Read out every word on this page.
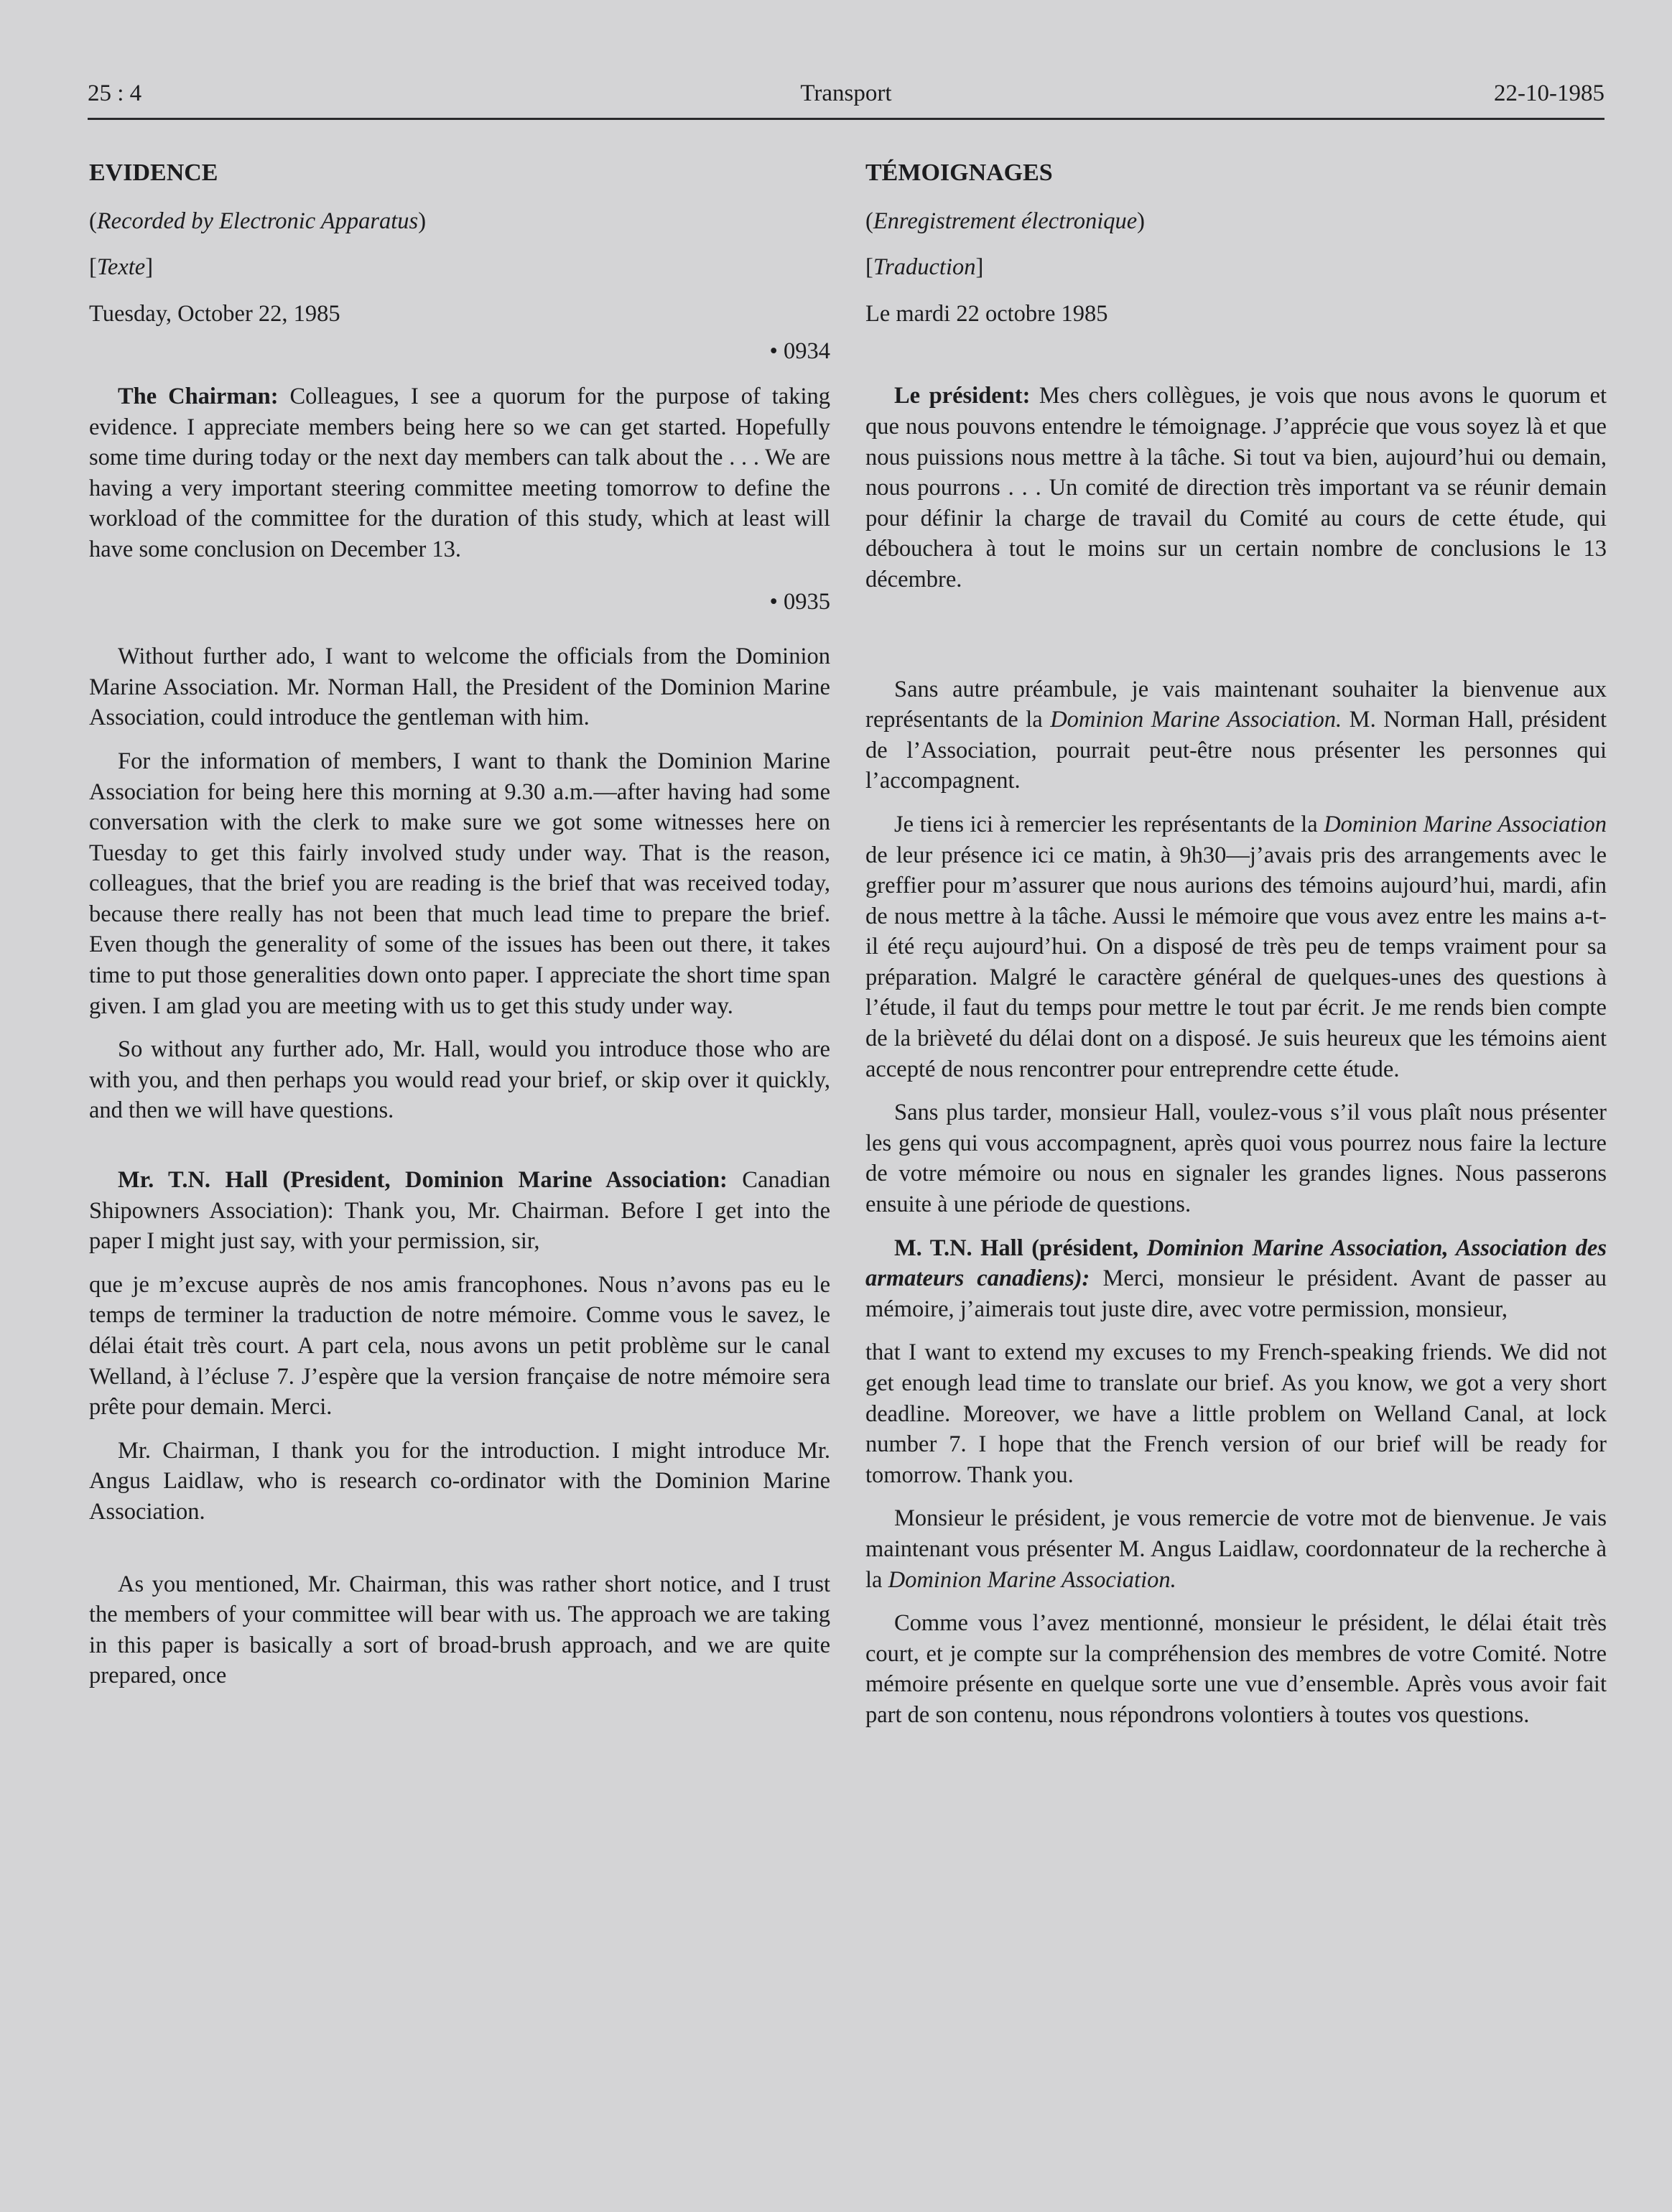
25 : 4	Transport	22-10-1985
EVIDENCE
(Recorded by Electronic Apparatus)
[Texte]
Tuesday, October 22, 1985
• 0934

The Chairman: Colleagues, I see a quorum for the purpose of taking evidence. I appreciate members being here so we can get started. Hopefully some time during today or the next day members can talk about the . . . We are having a very important steering committee meeting tomorrow to define the workload of the committee for the duration of this study, which at least will have some conclusion on December 13.

• 0935

Without further ado, I want to welcome the officials from the Dominion Marine Association. Mr. Norman Hall, the President of the Dominion Marine Association, could introduce the gentleman with him.

For the information of members, I want to thank the Dominion Marine Association for being here this morning at 9.30 a.m.—after having had some conversation with the clerk to make sure we got some witnesses here on Tuesday to get this fairly involved study under way. That is the reason, colleagues, that the brief you are reading is the brief that was received today, because there really has not been that much lead time to prepare the brief. Even though the generality of some of the issues has been out there, it takes time to put those generalities down onto paper. I appreciate the short time span given. I am glad you are meeting with us to get this study under way.

So without any further ado, Mr. Hall, would you introduce those who are with you, and then perhaps you would read your brief, or skip over it quickly, and then we will have questions.

Mr. T.N. Hall (President, Dominion Marine Association: Canadian Shipowners Association): Thank you, Mr. Chairman. Before I get into the paper I might just say, with your permission, sir,

que je m’excuse auprès de nos amis francophones. Nous n’avons pas eu le temps de terminer la traduction de notre mémoire. Comme vous le savez, le délai était très court. A part cela, nous avons un petit problème sur le canal Welland, à l’écluse 7. J’espère que la version française de notre mémoire sera prête pour demain. Merci.

Mr. Chairman, I thank you for the introduction. I might introduce Mr. Angus Laidlaw, who is research co-ordinator with the Dominion Marine Association.

As you mentioned, Mr. Chairman, this was rather short notice, and I trust the members of your committee will bear with us. The approach we are taking in this paper is basically a sort of broad-brush approach, and we are quite prepared, once

TÉMOIGNAGES
(Enregistrement électronique)
[Traduction]
Le mardi 22 octobre 1985

Le président: Mes chers collègues, je vois que nous avons le quorum et que nous pouvons entendre le témoignage. J’apprécie que vous soyez là et que nous puissions nous mettre à la tâche. Si tout va bien, aujourd’hui ou demain, nous pourrons . . . Un comité de direction très important va se réunir demain pour définir la charge de travail du Comité au cours de cette étude, qui débouchera à tout le moins sur un certain nombre de conclusions le 13 décembre.

Sans autre préambule, je vais maintenant souhaiter la bienvenue aux représentants de la Dominion Marine Association. M. Norman Hall, président de l’Association, pourrait peut-être nous présenter les personnes qui l’accompagnent.

Je tiens ici à remercier les représentants de la Dominion Marine Association de leur présence ici ce matin, à 9h30—j’avais pris des arrangements avec le greffier pour m’assurer que nous aurions des témoins aujourd’hui, mardi, afin de nous mettre à la tâche. Aussi le mémoire que vous avez entre les mains a-t-il été reçu aujourd’hui. On a disposé de très peu de temps vraiment pour sa préparation. Malgré le caractère général de quelques-unes des questions à l’étude, il faut du temps pour mettre le tout par écrit. Je me rends bien compte de la brièveté du délai dont on a disposé. Je suis heureux que les témoins aient accepté de nous rencontrer pour entreprendre cette étude.

Sans plus tarder, monsieur Hall, voulez-vous s’il vous plaît nous présenter les gens qui vous accompagnent, après quoi vous pourrez nous faire la lecture de votre mémoire ou nous en signaler les grandes lignes. Nous passerons ensuite à une période de questions.

M. T.N. Hall (président, Dominion Marine Association, Association des armateurs canadiens): Merci, monsieur le président. Avant de passer au mémoire, j’aimerais tout juste dire, avec votre permission, monsieur,

that I want to extend my excuses to my French-speaking friends. We did not get enough lead time to translate our brief. As you know, we got a very short deadline. Moreover, we have a little problem on Welland Canal, at lock number 7. I hope that the French version of our brief will be ready for tomorrow. Thank you.

Monsieur le président, je vous remercie de votre mot de bienvenue. Je vais maintenant vous présenter M. Angus Laidlaw, coordonnateur de la recherche à la Dominion Marine Association.

Comme vous l’avez mentionné, monsieur le président, le délai était très court, et je compte sur la compréhension des membres de votre Comité. Notre mémoire présente en quelque sorte une vue d’ensemble. Après vous avoir fait part de son contenu, nous répondrons volontiers à toutes vos questions.
